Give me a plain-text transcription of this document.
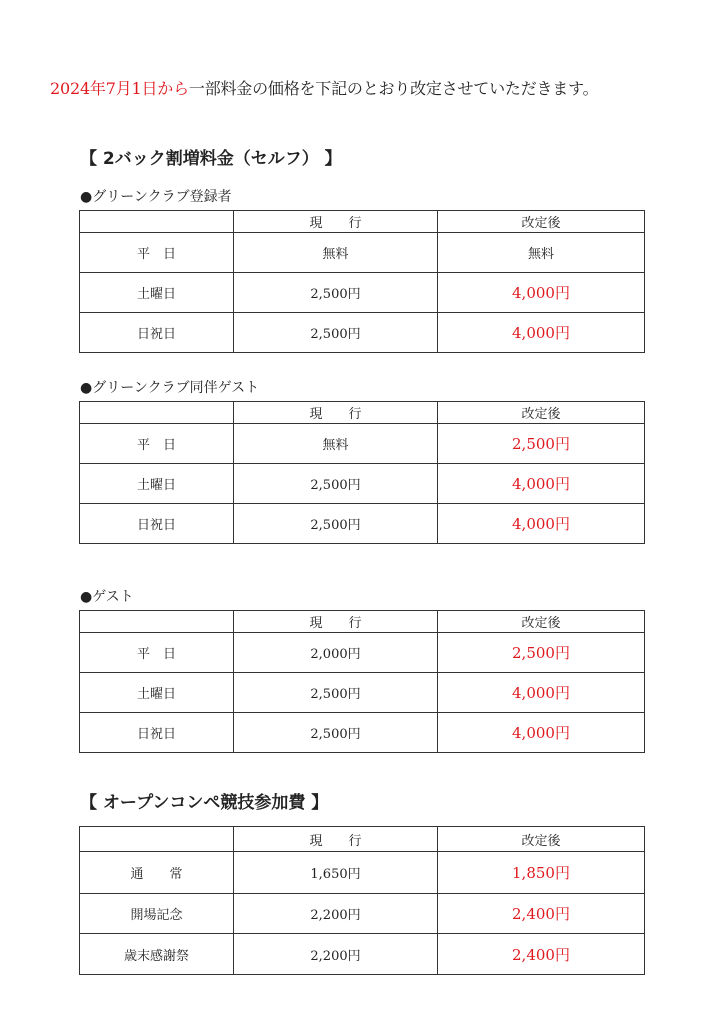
2024年7月1日から一部料金の価格を下記のとおり改定させていただきます。
【 2バック割増料金（セルフ） 】
●グリーンクラブ登録者
	現　　行	改定後
平　日	無料	無料
土曜日	2,500円	4,000円
日祝日	2,500円	4,000円
●グリーンクラブ同伴ゲスト
	現　　行	改定後
平　日	無料	2,500円
土曜日	2,500円	4,000円
日祝日	2,500円	4,000円
●ゲスト
	現　　行	改定後
平　日	2,000円	2,500円
土曜日	2,500円	4,000円
日祝日	2,500円	4,000円
【 オープンコンペ競技参加費 】
	現　　行	改定後
通　　常	1,650円	1,850円
開場記念	2,200円	2,400円
歳末感謝祭	2,200円	2,400円
